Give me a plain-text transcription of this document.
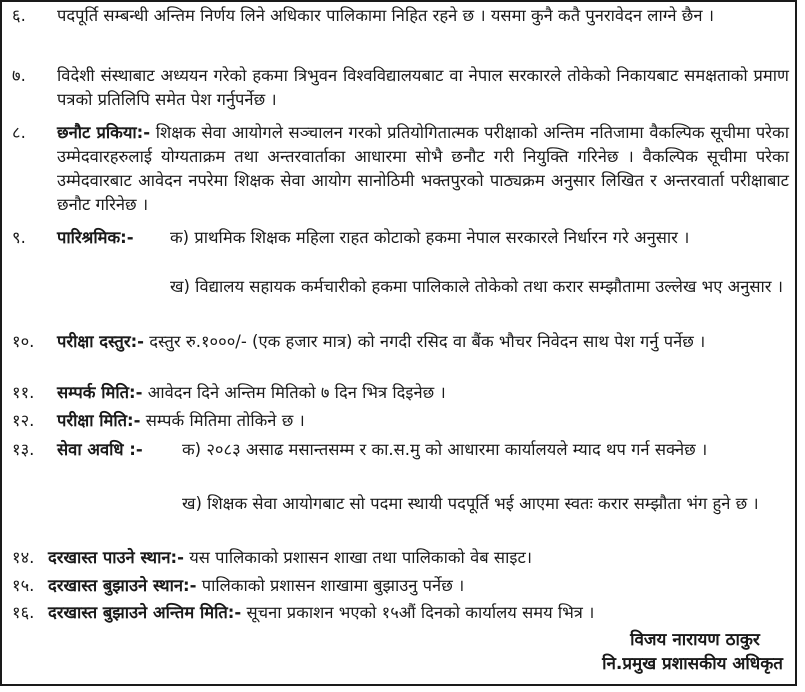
६.	पदपूर्ति सम्बन्धी अन्तिम निर्णय लिने अधिकार पालिकामा निहित रहने छ । यसमा कुनै कतै पुनरावेदन लाग्ने छैन ।
७.	विदेशी संस्थाबाट अध्ययन गरेको हकमा त्रिभुवन विश्वविद्यालयबाट वा नेपाल सरकारले तोकेको निकायबाट समक्षताको प्रमाण पत्रको प्रतिलिपि समेत पेश गर्नुपर्नेछ ।
८.	छनौट प्रकिया:- शिक्षक सेवा आयोगले सञ्चालन गरको प्रतियोगितात्मक परीक्षाको अन्तिम नतिजामा वैकल्पिक सूचीमा परेका उम्मेदवारहरुलाई योग्यताक्रम तथा अन्तरवार्ताका आधारमा सोभै छनौट गरी नियुक्ति गरिनेछ । वैकल्पिक सूचीमा परेका उम्मेदवारबाट आवेदन नपरेमा शिक्षक सेवा आयोग सानोठिमी भक्तपुरको पाठ्यक्रम अनुसार लिखित र अन्तरवार्ता परीक्षाबाट छनौट गरिनेछ ।
९.	पारिश्रमिक:- क) प्राथमिक शिक्षक महिला राहत कोटाको हकमा नेपाल सरकारले निर्धारन गरे अनुसार ।
ख) विद्यालय सहायक कर्मचारीको हकमा पालिकाले तोकेको तथा करार सम्झौतामा उल्लेख भए अनुसार ।
१०.	परीक्षा दस्तुर:- दस्तुर रु.१०००/- (एक हजार मात्र) को नगदी रसिद वा बैंक भौचर निवेदन साथ पेश गर्नु पर्नेछ ।
११.	सम्पर्क मिति:- आवेदन दिने अन्तिम मितिको ७ दिन भित्र दिइनेछ ।
१२.	परीक्षा मिति:- सम्पर्क मितिमा तोकिने छ ।
१३.	सेवा अवधि :- क) २०८३ असाढ मसान्तसम्म र का.स.मु को आधारमा कार्यालयले म्याद थप गर्न सक्नेछ ।
ख) शिक्षक सेवा आयोगबाट सो पदमा स्थायी पदपूर्ति भई आएमा स्वतः करार सम्झौता भंग हुने छ ।
१४. दरखास्त पाउने स्थान:- यस पालिकाको प्रशासन शाखा तथा पालिकाको वेब साइट।
१५. दरखास्त बुझाउने स्थान:- पालिकाको प्रशासन शाखामा बुझाउनु पर्नेछ ।
१६. दरखास्त बुझाउने अन्तिम मिति:- सूचना प्रकाशन भएको १५औं दिनको कार्यालय समय भित्र ।
विजय नारायण ठाकुर
नि.प्रमुख प्रशासकीय अधिकृत
